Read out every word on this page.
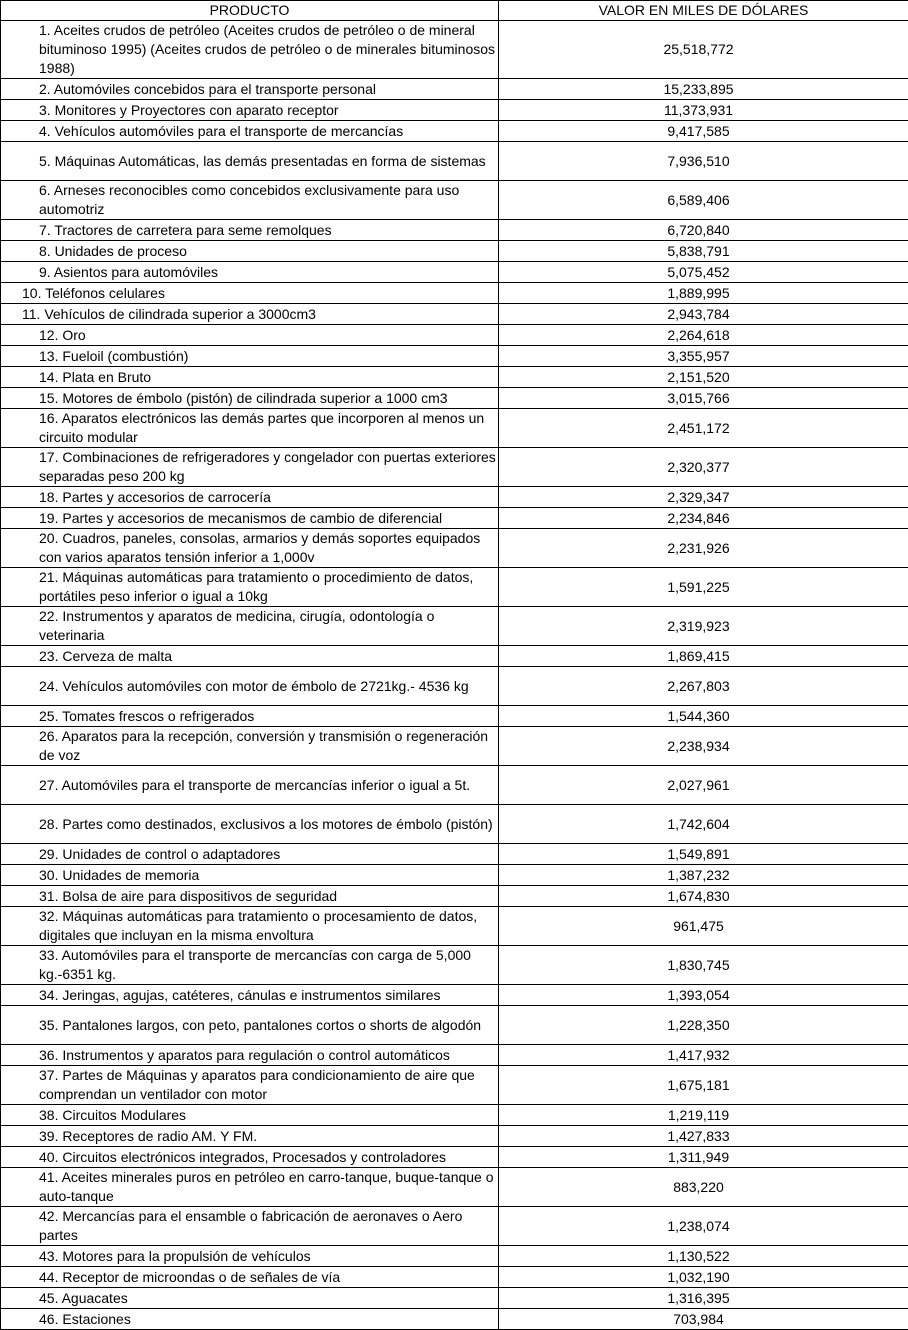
PRODUCTO	VALOR EN MILES DE DÓLARES
1. Aceites crudos de petróleo (Aceites crudos de petróleo o de mineral bituminoso 1995) (Aceites crudos de petróleo o de minerales bituminosos 1988)	25,518,772
2. Automóviles concebidos para el transporte personal	15,233,895
3. Monitores y Proyectores con aparato receptor	11,373,931
4. Vehículos automóviles para el transporte de mercancías	9,417,585
5. Máquinas Automáticas, las demás presentadas en forma de sistemas	7,936,510
6. Arneses reconocibles como concebidos exclusivamente para uso automotriz	6,589,406
7. Tractores de carretera para seme remolques	6,720,840
8. Unidades de proceso	5,838,791
9. Asientos para automóviles	5,075,452
10. Teléfonos celulares	1,889,995
11. Vehículos de cilindrada superior a 3000cm3	2,943,784
12. Oro	2,264,618
13. Fueloil (combustión)	3,355,957
14. Plata en Bruto	2,151,520
15. Motores de émbolo (pistón) de cilindrada superior a 1000 cm3	3,015,766
16. Aparatos electrónicos las demás partes que incorporen al menos un circuito modular	2,451,172
17. Combinaciones de refrigeradores y congelador con puertas exteriores separadas peso 200 kg	2,320,377
18. Partes y accesorios de carrocería	2,329,347
19. Partes y accesorios de mecanismos de cambio de diferencial	2,234,846
20. Cuadros, paneles, consolas, armarios y demás soportes equipados con varios aparatos tensión inferior a 1,000v	2,231,926
21. Máquinas automáticas para tratamiento o procedimiento de datos, portátiles peso inferior o igual a 10kg	1,591,225
22. Instrumentos y aparatos de medicina, cirugía, odontología o veterinaria	2,319,923
23. Cerveza de malta	1,869,415
24. Vehículos automóviles con motor de émbolo de 2721kg.- 4536 kg	2,267,803
25. Tomates frescos o refrigerados	1,544,360
26. Aparatos para la recepción, conversión y transmisión o regeneración de voz	2,238,934
27. Automóviles para el transporte de mercancías inferior o igual a 5t.	2,027,961
28. Partes como destinados, exclusivos a los motores de émbolo (pistón)	1,742,604
29. Unidades de control o adaptadores	1,549,891
30. Unidades de memoria	1,387,232
31. Bolsa de aire para dispositivos de seguridad	1,674,830
32. Máquinas automáticas para tratamiento o procesamiento de datos, digitales que incluyan en la misma envoltura	961,475
33. Automóviles para el transporte de mercancías con carga de 5,000 kg.-6351 kg.	1,830,745
34. Jeringas, agujas, catéteres, cánulas e instrumentos similares	1,393,054
35. Pantalones largos, con peto, pantalones cortos o shorts de algodón	1,228,350
36. Instrumentos y aparatos para regulación o control automáticos	1,417,932
37. Partes de Máquinas y aparatos para condicionamiento de aire que comprendan un ventilador con motor	1,675,181
38. Circuitos Modulares	1,219,119
39. Receptores de radio AM. Y FM.	1,427,833
40. Circuitos electrónicos integrados, Procesados y controladores	1,311,949
41. Aceites minerales puros en petróleo en carro-tanque, buque-tanque o auto-tanque	883,220
42. Mercancías para el ensamble o fabricación de aeronaves o Aero partes	1,238,074
43. Motores para la propulsión de vehículos	1,130,522
44. Receptor de microondas o de señales de vía	1,032,190
45. Aguacates	1,316,395
46. Estaciones	703,984
